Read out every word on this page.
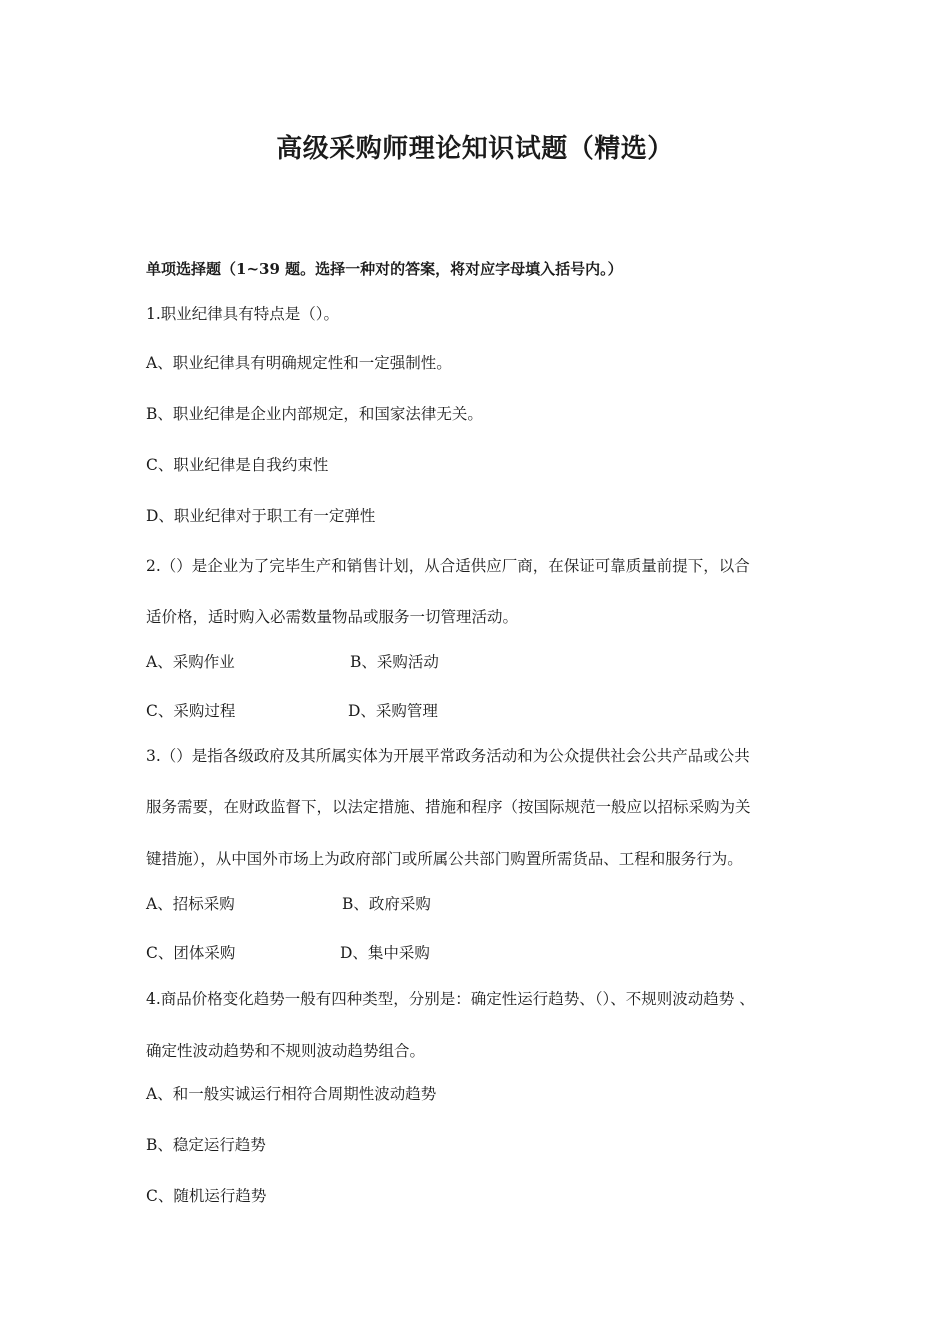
高级采购师理论知识试题（精选）
单项选择题（1~39 题。选择一种对的答案，将对应字母填入括号内。）
1.职业纪律具有特点是（）。
A、职业纪律具有明确规定性和一定强制性。
B、职业纪律是企业内部规定，和国家法律无关。
C、职业纪律是自我约束性
D、职业纪律对于职工有一定弹性
2.（）是企业为了完毕生产和销售计划，从合适供应厂商，在保证可靠质量前提下，以合
适价格，适时购入必需数量物品或服务一切管理活动。
A、采购作业	B、采购活动
C、采购过程	D、采购管理
3.（）是指各级政府及其所属实体为开展平常政务活动和为公众提供社会公共产品或公共
服务需要，在财政监督下，以法定措施、措施和程序（按国际规范一般应以招标采购为关
键措施），从中国外市场上为政府部门或所属公共部门购置所需货品、工程和服务行为。
A、招标采购	B、政府采购
C、团体采购	D、集中采购
4.商品价格变化趋势一般有四种类型，分别是：确定性运行趋势、（）、不规则波动趋势 、
确定性波动趋势和不规则波动趋势组合。
A、和一般实诚运行相符合周期性波动趋势
B、稳定运行趋势
C、随机运行趋势
